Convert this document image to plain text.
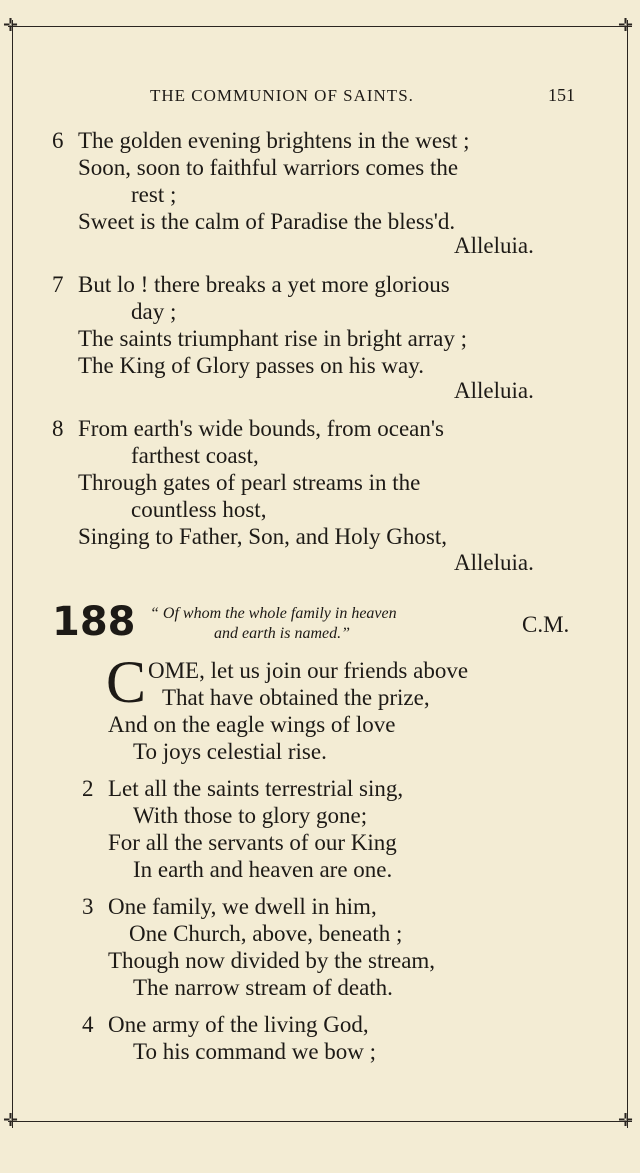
✛	✛
✛	✛
THE COMMUNION OF SAINTS.	151
6 The golden evening brightens in the west ;
Soon, soon to faithful warriors comes the
rest ;
Sweet is the calm of Paradise the bless'd.
Alleluia.
7 But lo ! there breaks a yet more glorious
day ;
The saints triumphant rise in bright array ;
The King of Glory passes on his way.
Alleluia.
8 From earth's wide bounds, from ocean's
farthest coast,
Through gates of pearl streams in the
countless host,
Singing to Father, Son, and Holy Ghost,
Alleluia.
188 “ Of whom the whole family in heaven
and earth is named.”	C.M.
C OME, let us join our friends above
That have obtained the prize,
And on the eagle wings of love
To joys celestial rise.
2 Let all the saints terrestrial sing,
With those to glory gone;
For all the servants of our King
In earth and heaven are one.
3 One family, we dwell in him,
One Church, above, beneath ;
Though now divided by the stream,
The narrow stream of death.
4 One army of the living God,
To his command we bow ;
